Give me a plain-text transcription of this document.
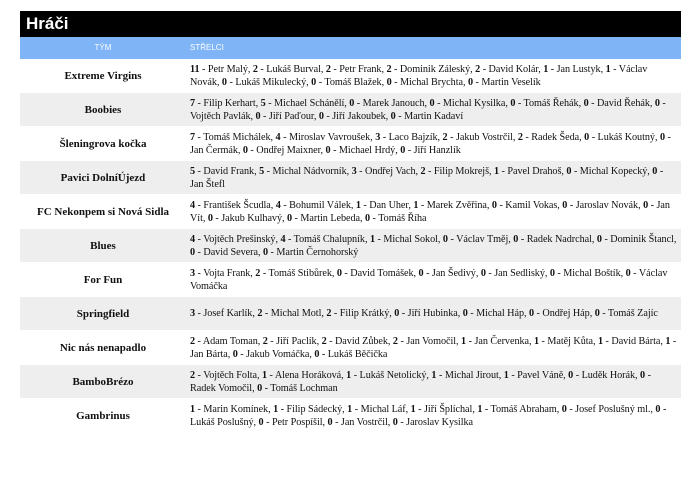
Hráči
TÝM	STŘELCI
Extreme Virgins
11 - Petr Malý, 2 - Lukáš Burval, 2 - Petr Frank, 2 - Dominik Záleský, 2 - David Kolár, 1 - Jan Lustyk, 1 - Václav Novák, 0 - Lukáš Mikulecký, 0 - Tomáš Blažek, 0 - Michal Brychta, 0 - Martin Veselík
Boobies
7 - Filip Kerhart, 5 - Michael Schánělí, 0 - Marek Janouch, 0 - Michal Kysilka, 0 - Tomáš Řehák, 0 - David Řehák, 0 - Vojtěch Pavlák, 0 - Jiří Paďour, 0 - Jiří Jakoubek, 0 - Martin Kadaví
Šleningrova kočka
7 - Tomáš Michálek, 4 - Miroslav Vavroušek, 3 - Laco Bajzík, 2 - Jakub Vostrčil, 2 - Radek Šeda, 0 - Lukáš Koutný, 0 - Jan Čermák, 0 - Ondřej Maixner, 0 - Michael Hrdý, 0 - Jiří Hanzlík
Pavici DolníÚjezd
5 - David Frank, 5 - Michal Nádvorník, 3 - Ondřej Vach, 2 - Filip Mokrejš, 1 - Pavel Drahoš, 0 - Michal Kopecký, 0 - Jan Štefl
FC Nekonpem si Nová Sidla
4 - František Šcudla, 4 - Bohumil Válek, 1 - Dan Uher, 1 - Marek Zvěřina, 0 - Kamil Vokas, 0 - Jaroslav Novák, 0 - Jan Vít, 0 - Jakub Kulhavý, 0 - Martin Lebeda, 0 - Tomáš Říha
Blues
4 - Vojtěch Prešinský, 4 - Tomáš Chalupník, 1 - Michal Sokol, 0 - Václav Tměj, 0 - Radek Nadrchal, 0 - Dominik Štancl, 0 - David Severa, 0 - Martin Černohorský
For Fun
3 - Vojta Frank, 2 - Tomáš Stibůrek, 0 - David Tomášek, 0 - Jan Šedivý, 0 - Jan Sedliský, 0 - Michal Boštík, 0 - Václav Vomáčka
Springfield	3 - Josef Karlík, 2 - Michal Motl, 2 - Filip Krátký, 0 - Jiří Hubinka, 0 - Michal Háp, 0 - Ondřej Háp, 0 - Tomáš Zajíc
Nic nás nenapadlo
2 - Adam Toman, 2 - Jiří Paclík, 2 - David Zůbek, 2 - Jan Vomočil, 1 - Jan Červenka, 1 - Matěj Kůta, 1 - David Bárta, 1 - Jan Bárta, 0 - Jakub Vomáčka, 0 - Lukáš Běčička
BamboBrézo
2 - Vojtěch Folta, 1 - Alena Horáková, 1 - Lukáš Netolický, 1 - Michal Jirout, 1 - Pavel Váně, 0 - Luděk Horák, 0 - Radek Vomočil, 0 - Tomáš Lochman
Gambrinus
1 - Marin Komínek, 1 - Filip Sádecký, 1 - Michal Láf, 1 - Jiří Šplíchal, 1 - Tomáš Abraham, 0 - Josef Poslušný ml., 0 - Lukáš Poslušný, 0 - Petr Pospíšil, 0 - Jan Vostrčil, 0 - Jaroslav Kysilka
